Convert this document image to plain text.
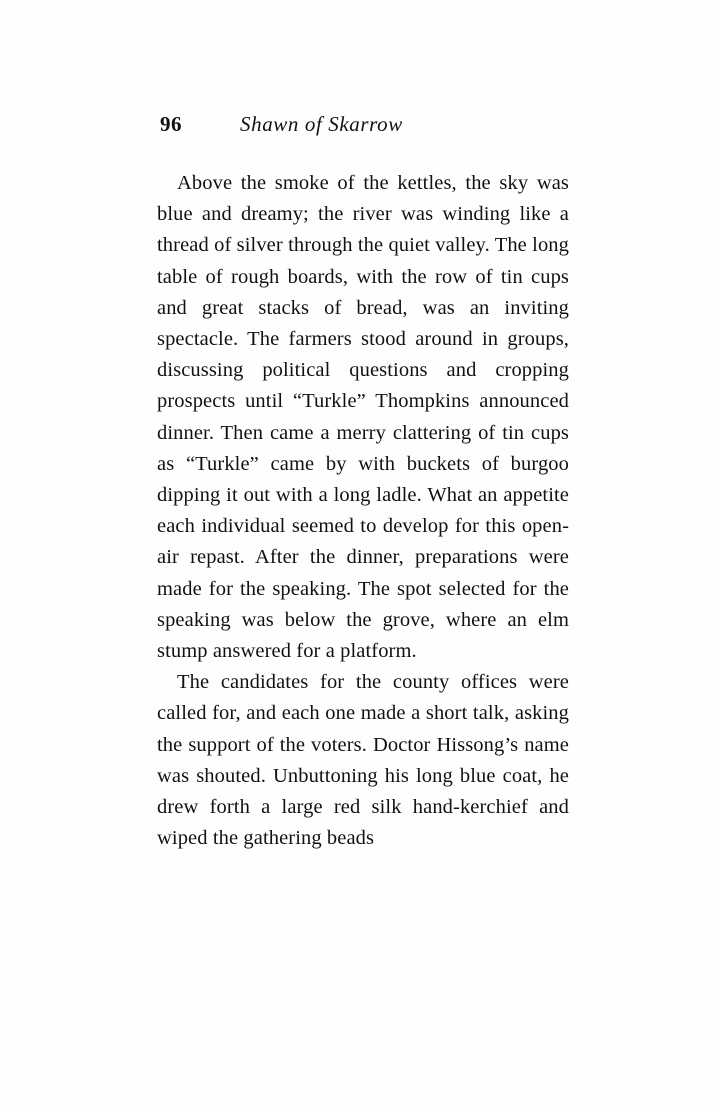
96	Shawn of Skarrow

Above the smoke of the kettles, the sky was blue and dreamy; the river was winding like a thread of silver through the quiet valley. The long table of rough boards, with the row of tin cups and great stacks of bread, was an inviting spectacle. The farmers stood around in groups, discussing political questions and cropping prospects until “Turkle” Thompkins announced dinner. Then came a merry clattering of tin cups as “Turkle” came by with buckets of burgoo dipping it out with a long ladle. What an appetite each individual seemed to develop for this open-air repast. After the dinner, preparations were made for the speaking. The spot selected for the speaking was below the grove, where an elm stump answered for a platform.

The candidates for the county offices were called for, and each one made a short talk, asking the support of the voters. Doctor Hissong’s name was shouted. Unbuttoning his long blue coat, he drew forth a large red silk hand-kerchief and wiped the gathering beads
